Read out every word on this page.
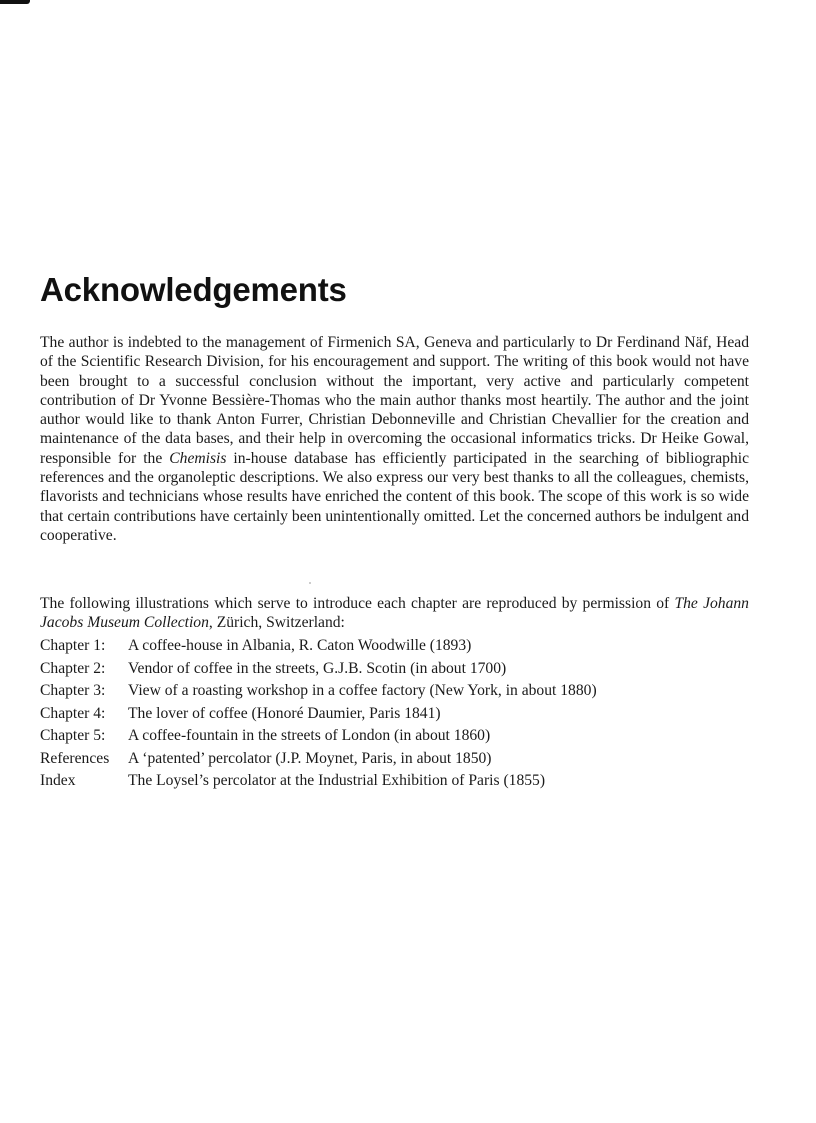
Acknowledgements

The author is indebted to the management of Firmenich SA, Geneva and particularly to Dr Ferdinand Näf, Head of the Scientific Research Division, for his encouragement and support. The writing of this book would not have been brought to a successful conclusion without the important, very active and particularly competent contribution of Dr Yvonne Bessière-Thomas who the main author thanks most heartily. The author and the joint author would like to thank Anton Furrer, Christian Debonneville and Christian Chevallier for the creation and maintenance of the data bases, and their help in overcoming the occasional informatics tricks. Dr Heike Gowal, responsible for the Chemisis in-house database has efficiently participated in the searching of bibliographic references and the organoleptic descriptions. We also express our very best thanks to all the colleagues, chemists, flavorists and technicians whose results have enriched the content of this book. The scope of this work is so wide that certain contributions have certainly been unintentionally omitted. Let the concerned authors be indulgent and cooperative.

The following illustrations which serve to introduce each chapter are reproduced by permission of The Johann Jacobs Museum Collection, Zürich, Switzerland:

Chapter 1:	A coffee-house in Albania, R. Caton Woodwille (1893)
Chapter 2:	Vendor of coffee in the streets, G.J.B. Scotin (in about 1700)
Chapter 3:	View of a roasting workshop in a coffee factory (New York, in about 1880)
Chapter 4:	The lover of coffee (Honoré Daumier, Paris 1841)
Chapter 5:	A coffee-fountain in the streets of London (in about 1860)
References	A ‘patented’ percolator (J.P. Moynet, Paris, in about 1850)
Index	The Loysel’s percolator at the Industrial Exhibition of Paris (1855)
